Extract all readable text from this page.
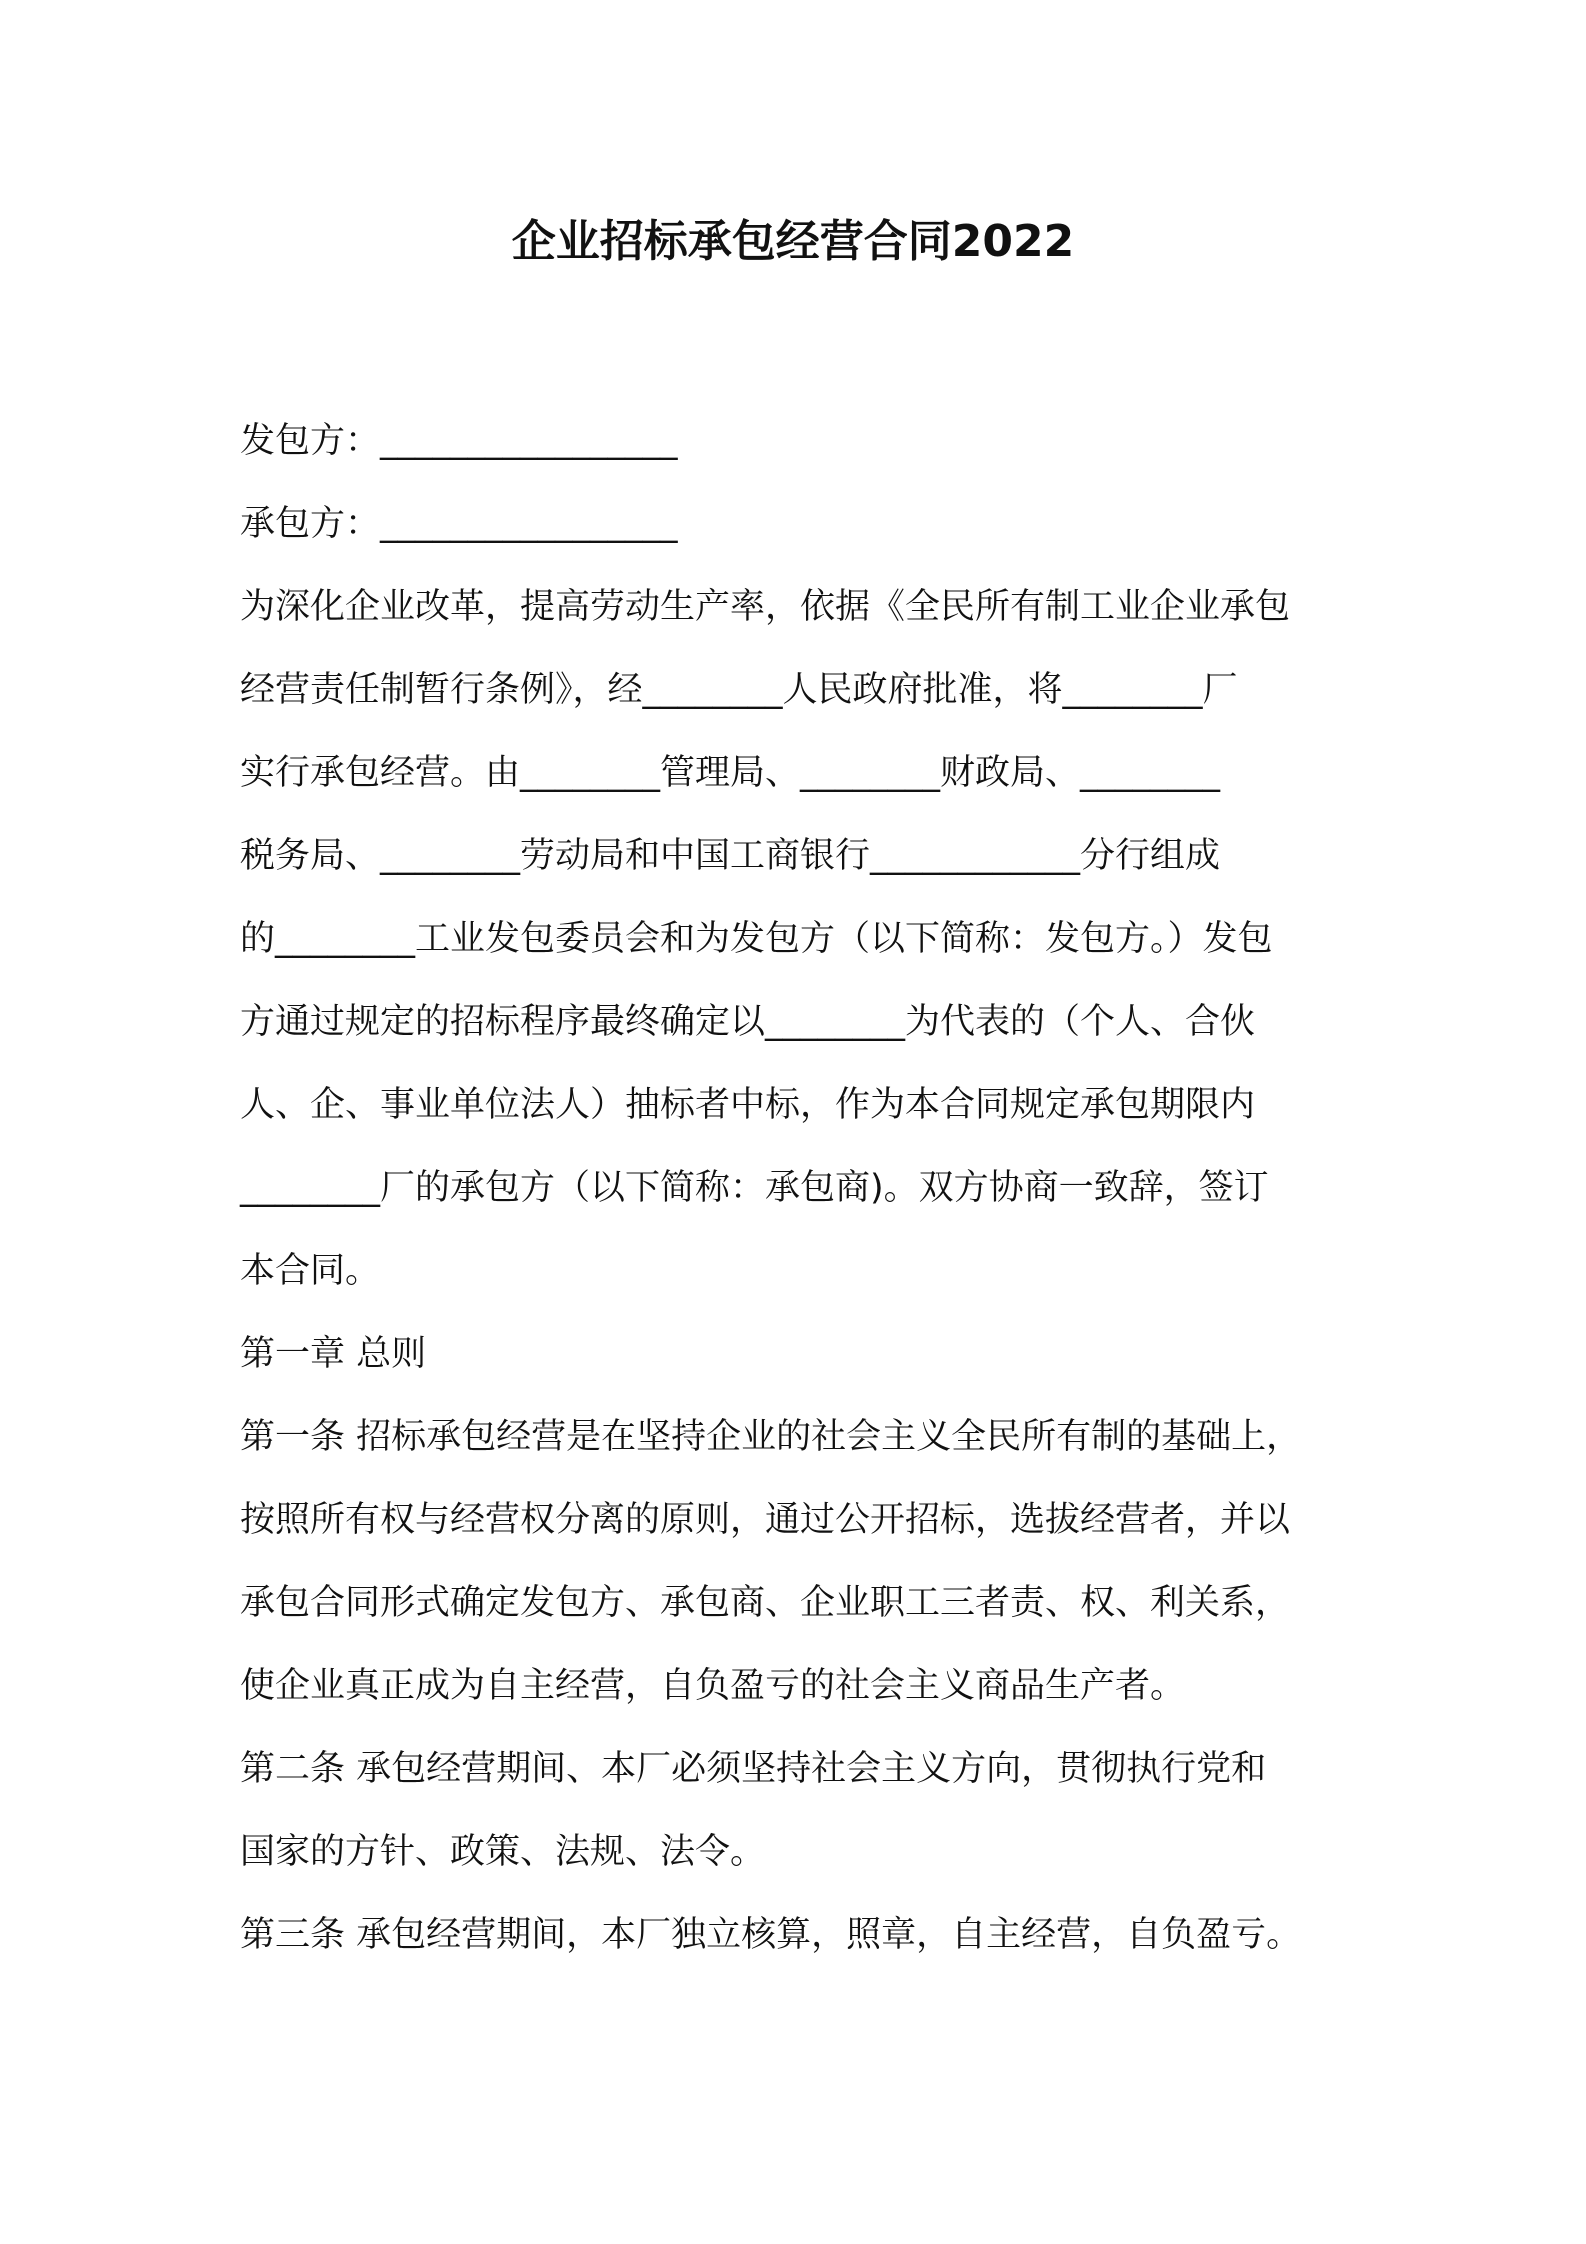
企业招标承包经营合同2022
发包方：_________________
承包方：_________________
为深化企业改革，提高劳动生产率，依据《全民所有制工业企业承包
经营责任制暂行条例》，经________人民政府批准，将________厂
实行承包经营。由________管理局、________财政局、________
税务局、________劳动局和中国工商银行____________分行组成
的________工业发包委员会和为发包方（以下简称：发包方。）发包
方通过规定的招标程序最终确定以________为代表的（个人、合伙
人、企、事业单位法人）抽标者中标，作为本合同规定承包期限内
________厂的承包方（以下简称：承包商)。双方协商一致辞，签订
本合同。
第一章 总则
第一条 招标承包经营是在坚持企业的社会主义全民所有制的基础上，
按照所有权与经营权分离的原则，通过公开招标，选拔经营者，并以
承包合同形式确定发包方、承包商、企业职工三者责、权、利关系，
使企业真正成为自主经营，自负盈亏的社会主义商品生产者。
第二条 承包经营期间、本厂必须坚持社会主义方向，贯彻执行党和
国家的方针、政策、法规、法令。
第三条 承包经营期间，本厂独立核算，照章，自主经营，自负盈亏。
